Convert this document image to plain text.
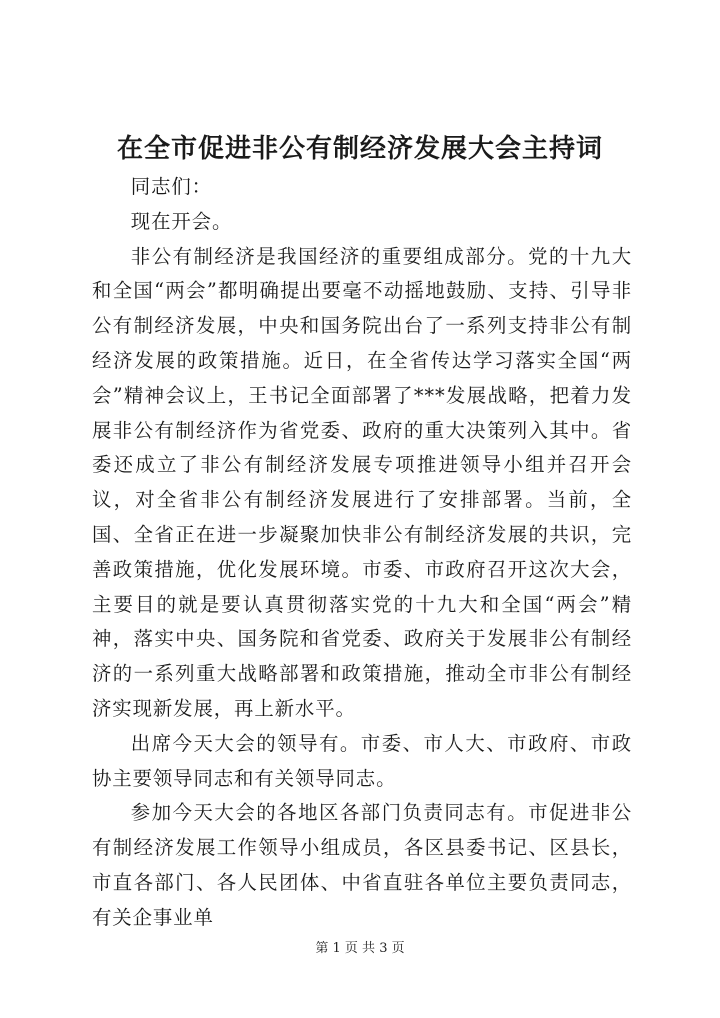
在全市促进非公有制经济发展大会主持词

同志们：

现在开会。

非公有制经济是我国经济的重要组成部分。党的十九大和全国“两会”都明确提出要毫不动摇地鼓励、支持、引导非公有制经济发展，中央和国务院出台了一系列支持非公有制经济发展的政策措施。近日，在全省传达学习落实全国“两会”精神会议上，王书记全面部署了***发展战略，把着力发展非公有制经济作为省党委、政府的重大决策列入其中。省委还成立了非公有制经济发展专项推进领导小组并召开会议，对全省非公有制经济发展进行了安排部署。当前，全国、全省正在进一步凝聚加快非公有制经济发展的共识，完善政策措施，优化发展环境。市委、市政府召开这次大会，主要目的就是要认真贯彻落实党的十九大和全国“两会”精神，落实中央、国务院和省党委、政府关于发展非公有制经济的一系列重大战略部署和政策措施，推动全市非公有制经济实现新发展，再上新水平。

出席今天大会的领导有。市委、市人大、市政府、市政协主要领导同志和有关领导同志。

参加今天大会的各地区各部门负责同志有。市促进非公有制经济发展工作领导小组成员，各区县委书记、区县长，市直各部门、各人民团体、中省直驻各单位主要负责同志，有关企事业单

第 1 页 共 3 页
